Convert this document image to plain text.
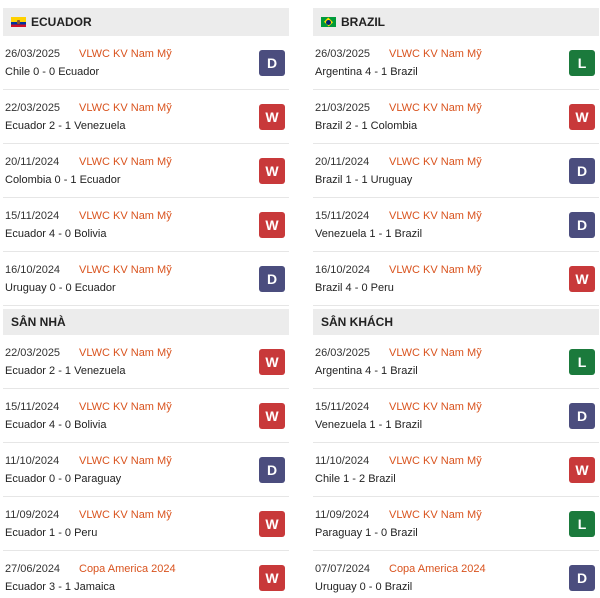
ECUADOR
26/03/2025 VLWC KV Nam Mỹ
Chile 0 - 0 Ecuador
D
22/03/2025 VLWC KV Nam Mỹ
Ecuador 2 - 1 Venezuela
W
20/11/2024 VLWC KV Nam Mỹ
Colombia 0 - 1 Ecuador
W
15/11/2024 VLWC KV Nam Mỹ
Ecuador 4 - 0 Bolivia
W
16/10/2024 VLWC KV Nam Mỹ
Uruguay 0 - 0 Ecuador
D
SÂN NHÀ
22/03/2025 VLWC KV Nam Mỹ
Ecuador 2 - 1 Venezuela
W
15/11/2024 VLWC KV Nam Mỹ
Ecuador 4 - 0 Bolivia
W
11/10/2024 VLWC KV Nam Mỹ
Ecuador 0 - 0 Paraguay
D
11/09/2024 VLWC KV Nam Mỹ
Ecuador 1 - 0 Peru
W
27/06/2024 Copa America 2024
Ecuador 3 - 1 Jamaica
W
BRAZIL
26/03/2025 VLWC KV Nam Mỹ
Argentina 4 - 1 Brazil
L
21/03/2025 VLWC KV Nam Mỹ
Brazil 2 - 1 Colombia
W
20/11/2024 VLWC KV Nam Mỹ
Brazil 1 - 1 Uruguay
D
15/11/2024 VLWC KV Nam Mỹ
Venezuela 1 - 1 Brazil
D
16/10/2024 VLWC KV Nam Mỹ
Brazil 4 - 0 Peru
W
SÂN KHÁCH
26/03/2025 VLWC KV Nam Mỹ
Argentina 4 - 1 Brazil
L
15/11/2024 VLWC KV Nam Mỹ
Venezuela 1 - 1 Brazil
D
11/10/2024 VLWC KV Nam Mỹ
Chile 1 - 2 Brazil
W
11/09/2024 VLWC KV Nam Mỹ
Paraguay 1 - 0 Brazil
L
07/07/2024 Copa America 2024
Uruguay 0 - 0 Brazil
D
